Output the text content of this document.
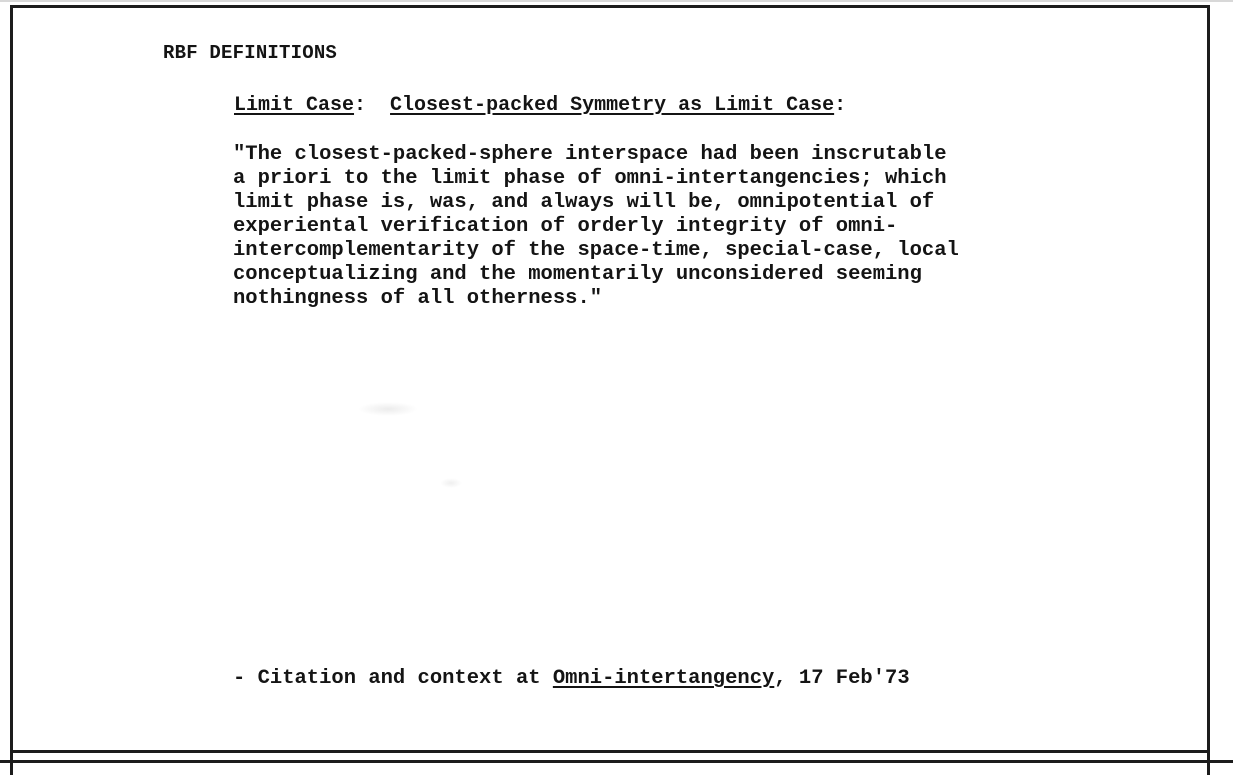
RBF DEFINITIONS
Limit Case:  Closest-packed Symmetry as Limit Case:
"The closest-packed-sphere interspace had been inscrutable
a priori to the limit phase of omni-intertangencies; which
limit phase is, was, and always will be, omnipotential of
experiental verification of orderly integrity of omni-
intercomplementarity of the space-time, special-case, local
conceptualizing and the momentarily unconsidered seeming
nothingness of all otherness."
- Citation and context at Omni-intertangency, 17 Feb'73
